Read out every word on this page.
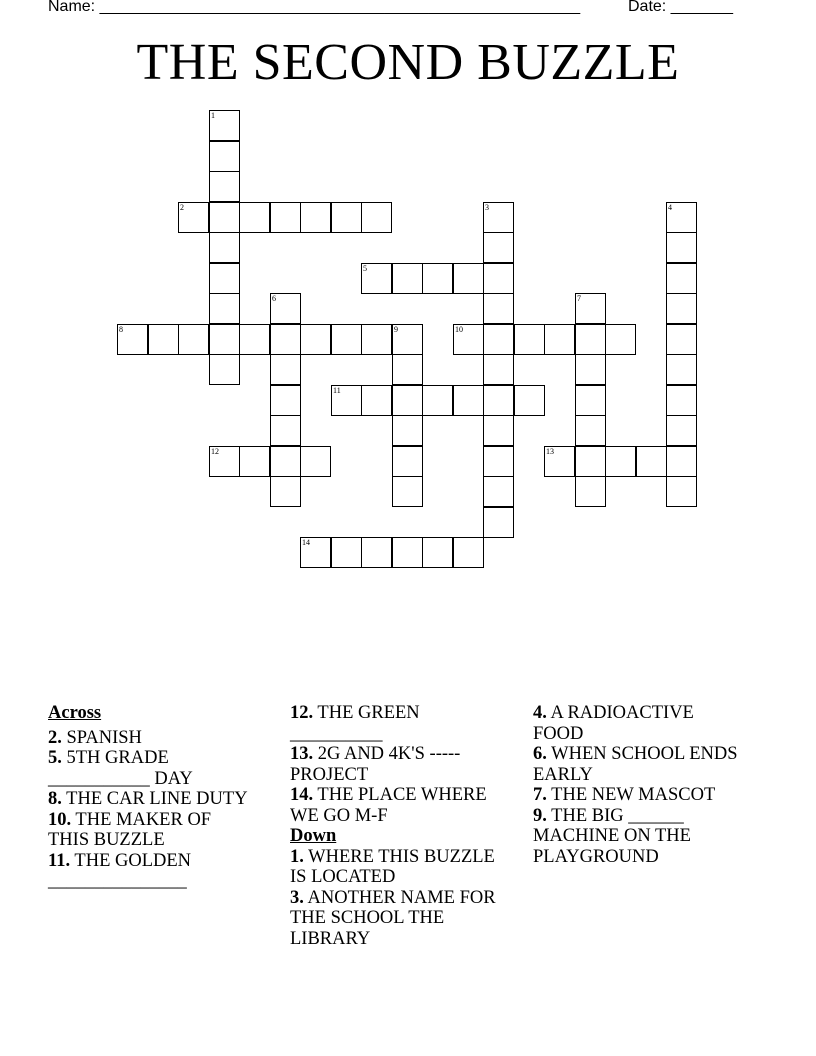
Name: ______________________________________________________	Date: _______
THE SECOND BUZZLE
1
2	3	4
5
6	7
8	9	10
11
12	13
14
Across
2. SPANISH
5. 5TH GRADE ___________ DAY
8. THE CAR LINE DUTY
10. THE MAKER OF THIS BUZZLE
11. THE GOLDEN _______________
12. THE GREEN __________
13. 2G AND 4K'S ----- PROJECT
14. THE PLACE WHERE WE GO M-F
Down
1. WHERE THIS BUZZLE IS LOCATED
3. ANOTHER NAME FOR THE SCHOOL THE LIBRARY
4. A RADIOACTIVE FOOD
6. WHEN SCHOOL ENDS EARLY
7. THE NEW MASCOT
9. THE BIG ______ MACHINE ON THE PLAYGROUND
